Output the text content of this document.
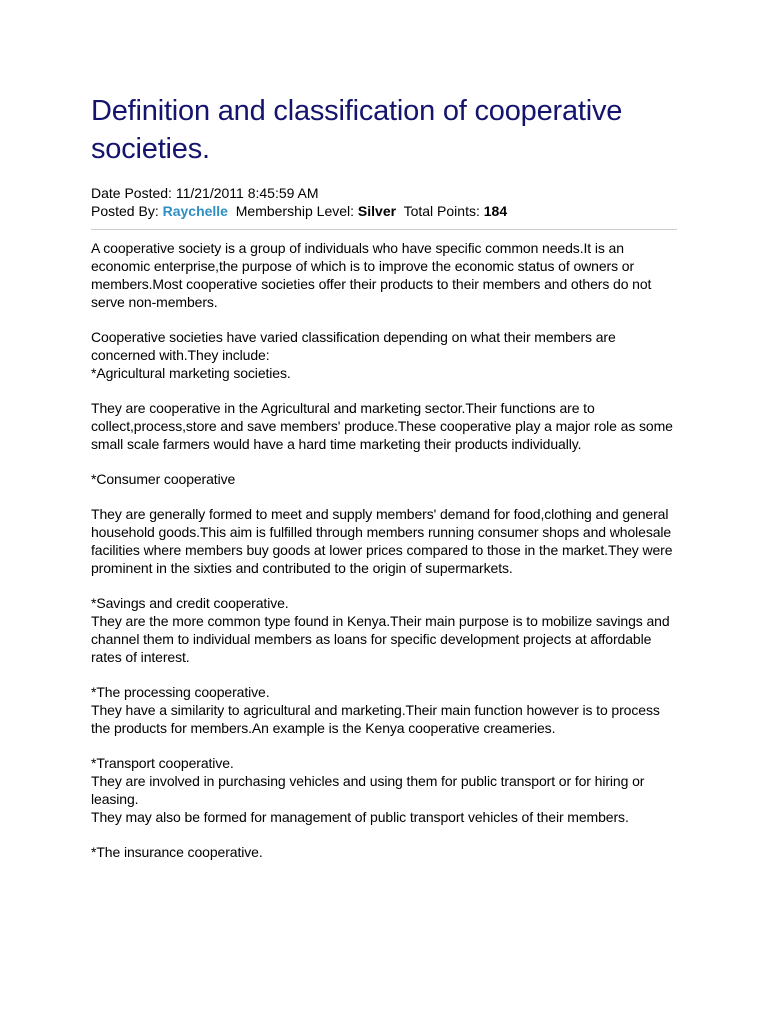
Definition and classification of cooperative societies.
Date Posted: 11/21/2011 8:45:59 AM
Posted By: Raychelle Membership Level: Silver Total Points: 184

A cooperative society is a group of individuals who have specific common needs.It is an economic enterprise,the purpose of which is to improve the economic status of owners or members.Most cooperative societies offer their products to their members and others do not serve non-members.

Cooperative societies have varied classification depending on what their members are concerned with.They include:

*Agricultural marketing societies.

They are cooperative in the Agricultural and marketing sector.Their functions are to collect,process,store and save members' produce.These cooperative play a major role as some small scale farmers would have a hard time marketing their products individually.

*Consumer cooperative

They are generally formed to meet and supply members' demand for food,clothing and general household goods.This aim is fulfilled through members running consumer shops and wholesale facilities where members buy goods at lower prices compared to those in the market.They were prominent in the sixties and contributed to the origin of supermarkets.

*Savings and credit cooperative.

They are the more common type found in Kenya.Their main purpose is to mobilize savings and channel them to individual members as loans for specific development projects at affordable rates of interest.

*The processing cooperative.

They have a similarity to agricultural and marketing.Their main function however is to process the products for members.An example is the Kenya cooperative creameries.

*Transport cooperative.

They are involved in purchasing vehicles and using them for public transport or for hiring or leasing.

They may also be formed for management of public transport vehicles of their members.

*The insurance cooperative.
